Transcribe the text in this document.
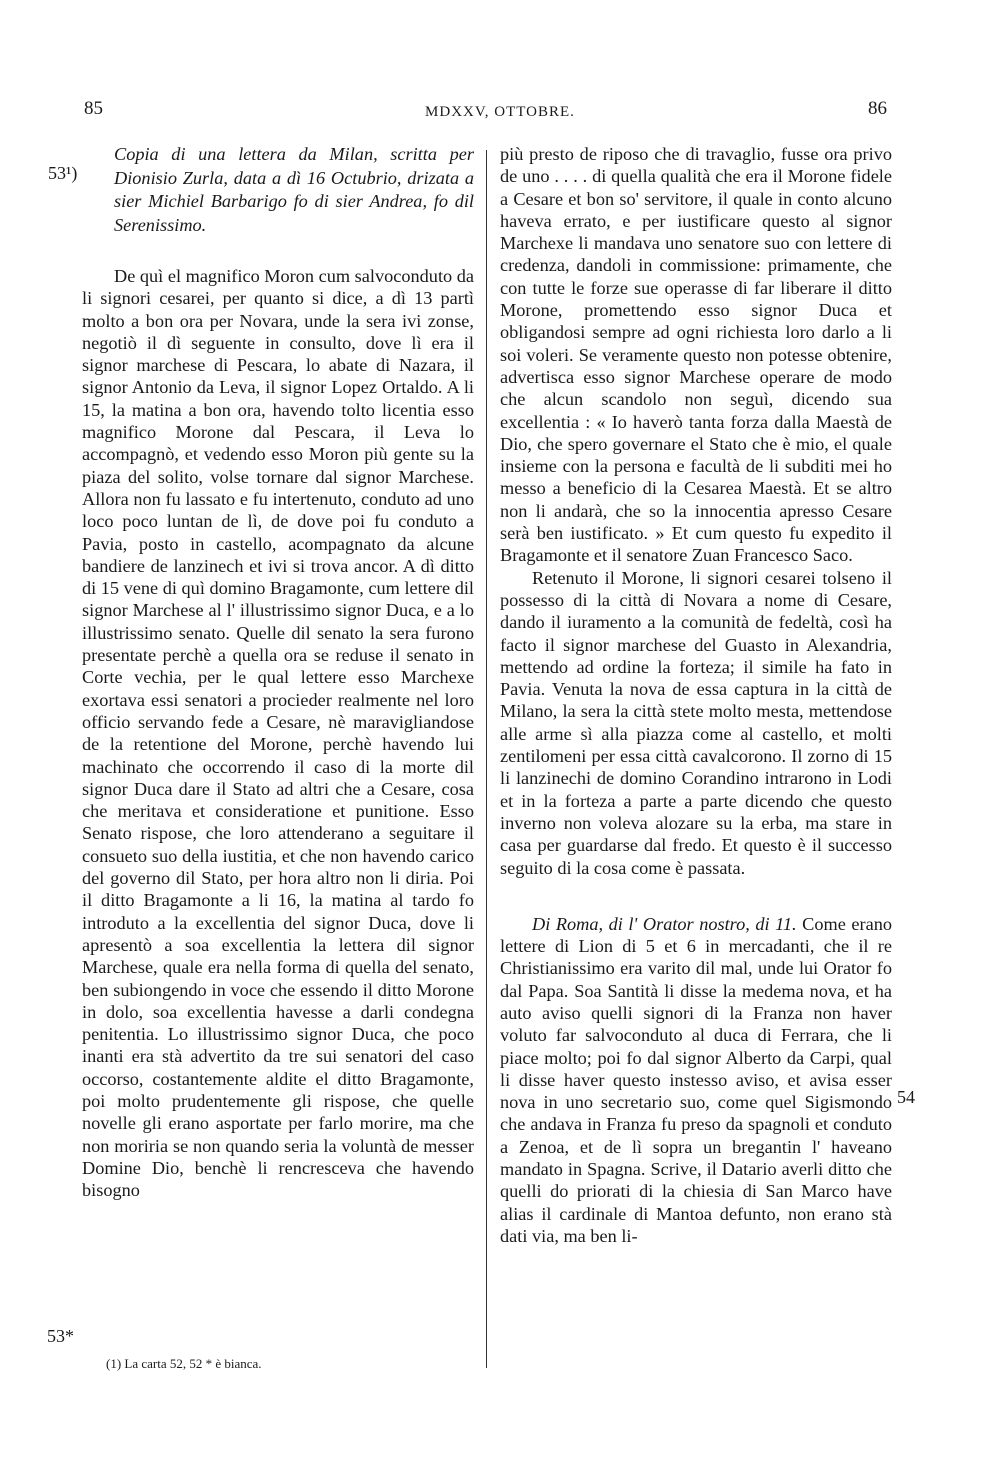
85	MDXXV, OTTOBRE.	86
53¹)
53*
54

Copia di una lettera da Milan, scritta per Dionisio Zurla, data a dì 16 Octubrio, drizata a sier Michiel Barbarigo fo di sier Andrea, fo dil Serenissimo.

De quì el magnifico Moron cum salvoconduto da li signori cesarei, per quanto si dice, a dì 13 partì molto a bon ora per Novara, unde la sera ivi zonse, negotiò il dì seguente in consulto, dove lì era il signor marchese di Pescara, lo abate di Nazara, il signor Antonio da Leva, il signor Lopez Ortaldo. A li 15, la matina a bon ora, havendo tolto licentia esso magnifico Morone dal Pescara, il Leva lo accompagnò, et vedendo esso Moron più gente su la piaza del solito, volse tornare dal signor Marchese. Allora non fu lassato e fu intertenuto, conduto ad uno loco poco luntan de lì, de dove poi fu conduto a Pavia, posto in castello, acompagnato da alcune bandiere de lanzinech et ivi si trova ancor. A dì ditto di 15 vene di quì domino Bragamonte, cum lettere dil signor Marchese al l' illustrissimo signor Duca, e a lo illustrissimo senato. Quelle dil senato la sera furono presentate perchè a quella ora se reduse il senato in Corte vechia, per le qual lettere esso Marchexe exortava essi senatori a procieder realmente nel loro officio servando fede a Cesare, nè maravigliandose de la retentione del Morone, perchè havendo lui machinato che occorrendo il caso di la morte dil signor Duca dare il Stato ad altri che a Cesare, cosa che meritava et consideratione et punitione. Esso Senato rispose, che loro attenderano a seguitare il consueto suo della iustitia, et che non havendo carico del governo dil Stato, per hora altro non li diria. Poi il ditto Bragamonte a li 16, la matina al tardo fo introduto a la excellentia del signor Duca, dove li apresentò a soa excellentia la lettera dil signor Marchese, quale era nella forma di quella del senato, ben subiongendo in voce che essendo il ditto Morone in dolo, soa excellentia havesse a darli condegna penitentia. Lo illustrissimo signor Duca, che poco inanti era stà advertito da tre sui senatori del caso occorso, costantemente aldite el ditto Bragamonte, poi molto prudentemente gli rispose, che quelle novelle gli erano asportate per farlo morire, ma che non moriria se non quando seria la voluntà de messer Domine Dio, benchè li rencresceva che havendo bisogno

più presto de riposo che di travaglio, fusse ora privo de uno . . . . di quella qualità che era il Morone fidele a Cesare et bon so' servitore, il quale in conto alcuno haveva errato, e per iustificare questo al signor Marchexe li mandava uno senatore suo con lettere di credenza, dandoli in commissione: primamente, che con tutte le forze sue operasse di far liberare il ditto Morone, promettendo esso signor Duca et obligandosi sempre ad ogni richiesta loro darlo a li soi voleri. Se veramente questo non potesse obtenire, advertisca esso signor Marchese operare de modo che alcun scandolo non seguì, dicendo sua excellentia : « Io haverò tanta forza dalla Maestà de Dio, che spero governare el Stato che è mio, el quale insieme con la persona e facultà de li subditi mei ho messo a beneficio di la Cesarea Maestà. Et se altro non li andarà, che so la innocentia apresso Cesare serà ben iustificato. » Et cum questo fu expedito il Bragamonte et il senatore Zuan Francesco Saco.

Retenuto il Morone, li signori cesarei tolseno il possesso di la città di Novara a nome di Cesare, dando il iuramento a la comunità de fedeltà, così ha facto il signor marchese del Guasto in Alexandria, mettendo ad ordine la forteza; il simile ha fato in Pavia. Venuta la nova de essa captura in la città de Milano, la sera la città stete molto mesta, mettendose alle arme sì alla piazza come al castello, et molti zentilomeni per essa città cavalcorono. Il zorno di 15 li lanzinechi de domino Corandino intrarono in Lodi et in la forteza a parte a parte dicendo che questo inverno non voleva alozare su la erba, ma stare in casa per guardarse dal fredo. Et questo è il successo seguito di la cosa come è passata.

Di Roma, di l' Orator nostro, di 11. Come erano lettere di Lion di 5 et 6 in mercadanti, che il re Christianissimo era varito dil mal, unde lui Orator fo dal Papa. Soa Santità li disse la medema nova, et ha auto aviso quelli signori di la Franza non haver voluto far salvoconduto al duca di Ferrara, che li piace molto; poi fo dal signor Alberto da Carpi, qual li disse haver questo instesso aviso, et avisa esser nova in uno secretario suo, come quel Sigismondo che andava in Franza fu preso da spagnoli et conduto a Zenoa, et de lì sopra un bregantin l' haveano mandato in Spagna. Scrive, il Datario averli ditto che quelli do priorati di la chiesia di San Marco have alias il cardinale di Mantoa defunto, non erano stà dati via, ma ben li-

(1) La carta 52, 52 * è bianca.
